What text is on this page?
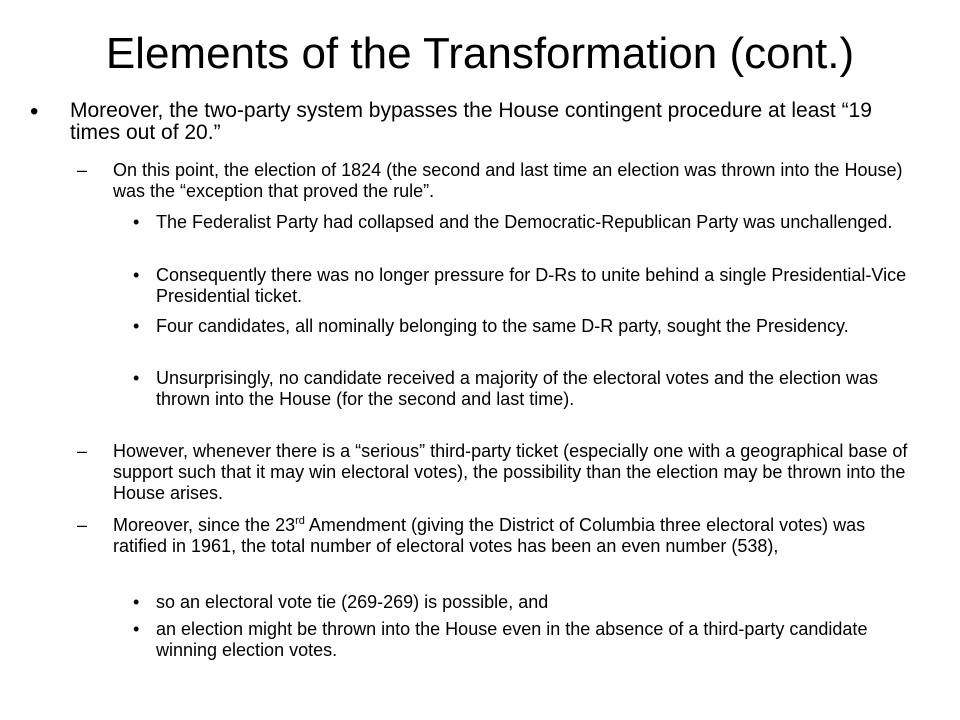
Elements of the Transformation (cont.)
• Moreover, the two-party system bypasses the House contingent procedure at least “19 times out of 20.”
– On this point, the election of 1824 (the second and last time an election was thrown into the House) was the “exception that proved the rule”.
• The Federalist Party had collapsed and the Democratic-Republican Party was unchallenged.
• Consequently there was no longer pressure for D-Rs to unite behind a single Presidential-Vice Presidential ticket.
• Four candidates, all nominally belonging to the same D-R party, sought the Presidency.
• Unsurprisingly, no candidate received a majority of the electoral votes and the election was thrown into the House (for the second and last time).
– However, whenever there is a “serious” third-party ticket (especially one with a geographical base of support such that it may win electoral votes), the possibility than the election may be thrown into the House arises.
– Moreover, since the 23rd Amendment (giving the District of Columbia three electoral votes) was ratified in 1961, the total number of electoral votes has been an even number (538),
• so an electoral vote tie (269-269) is possible, and
• an election might be thrown into the House even in the absence of a third-party candidate winning election votes.
